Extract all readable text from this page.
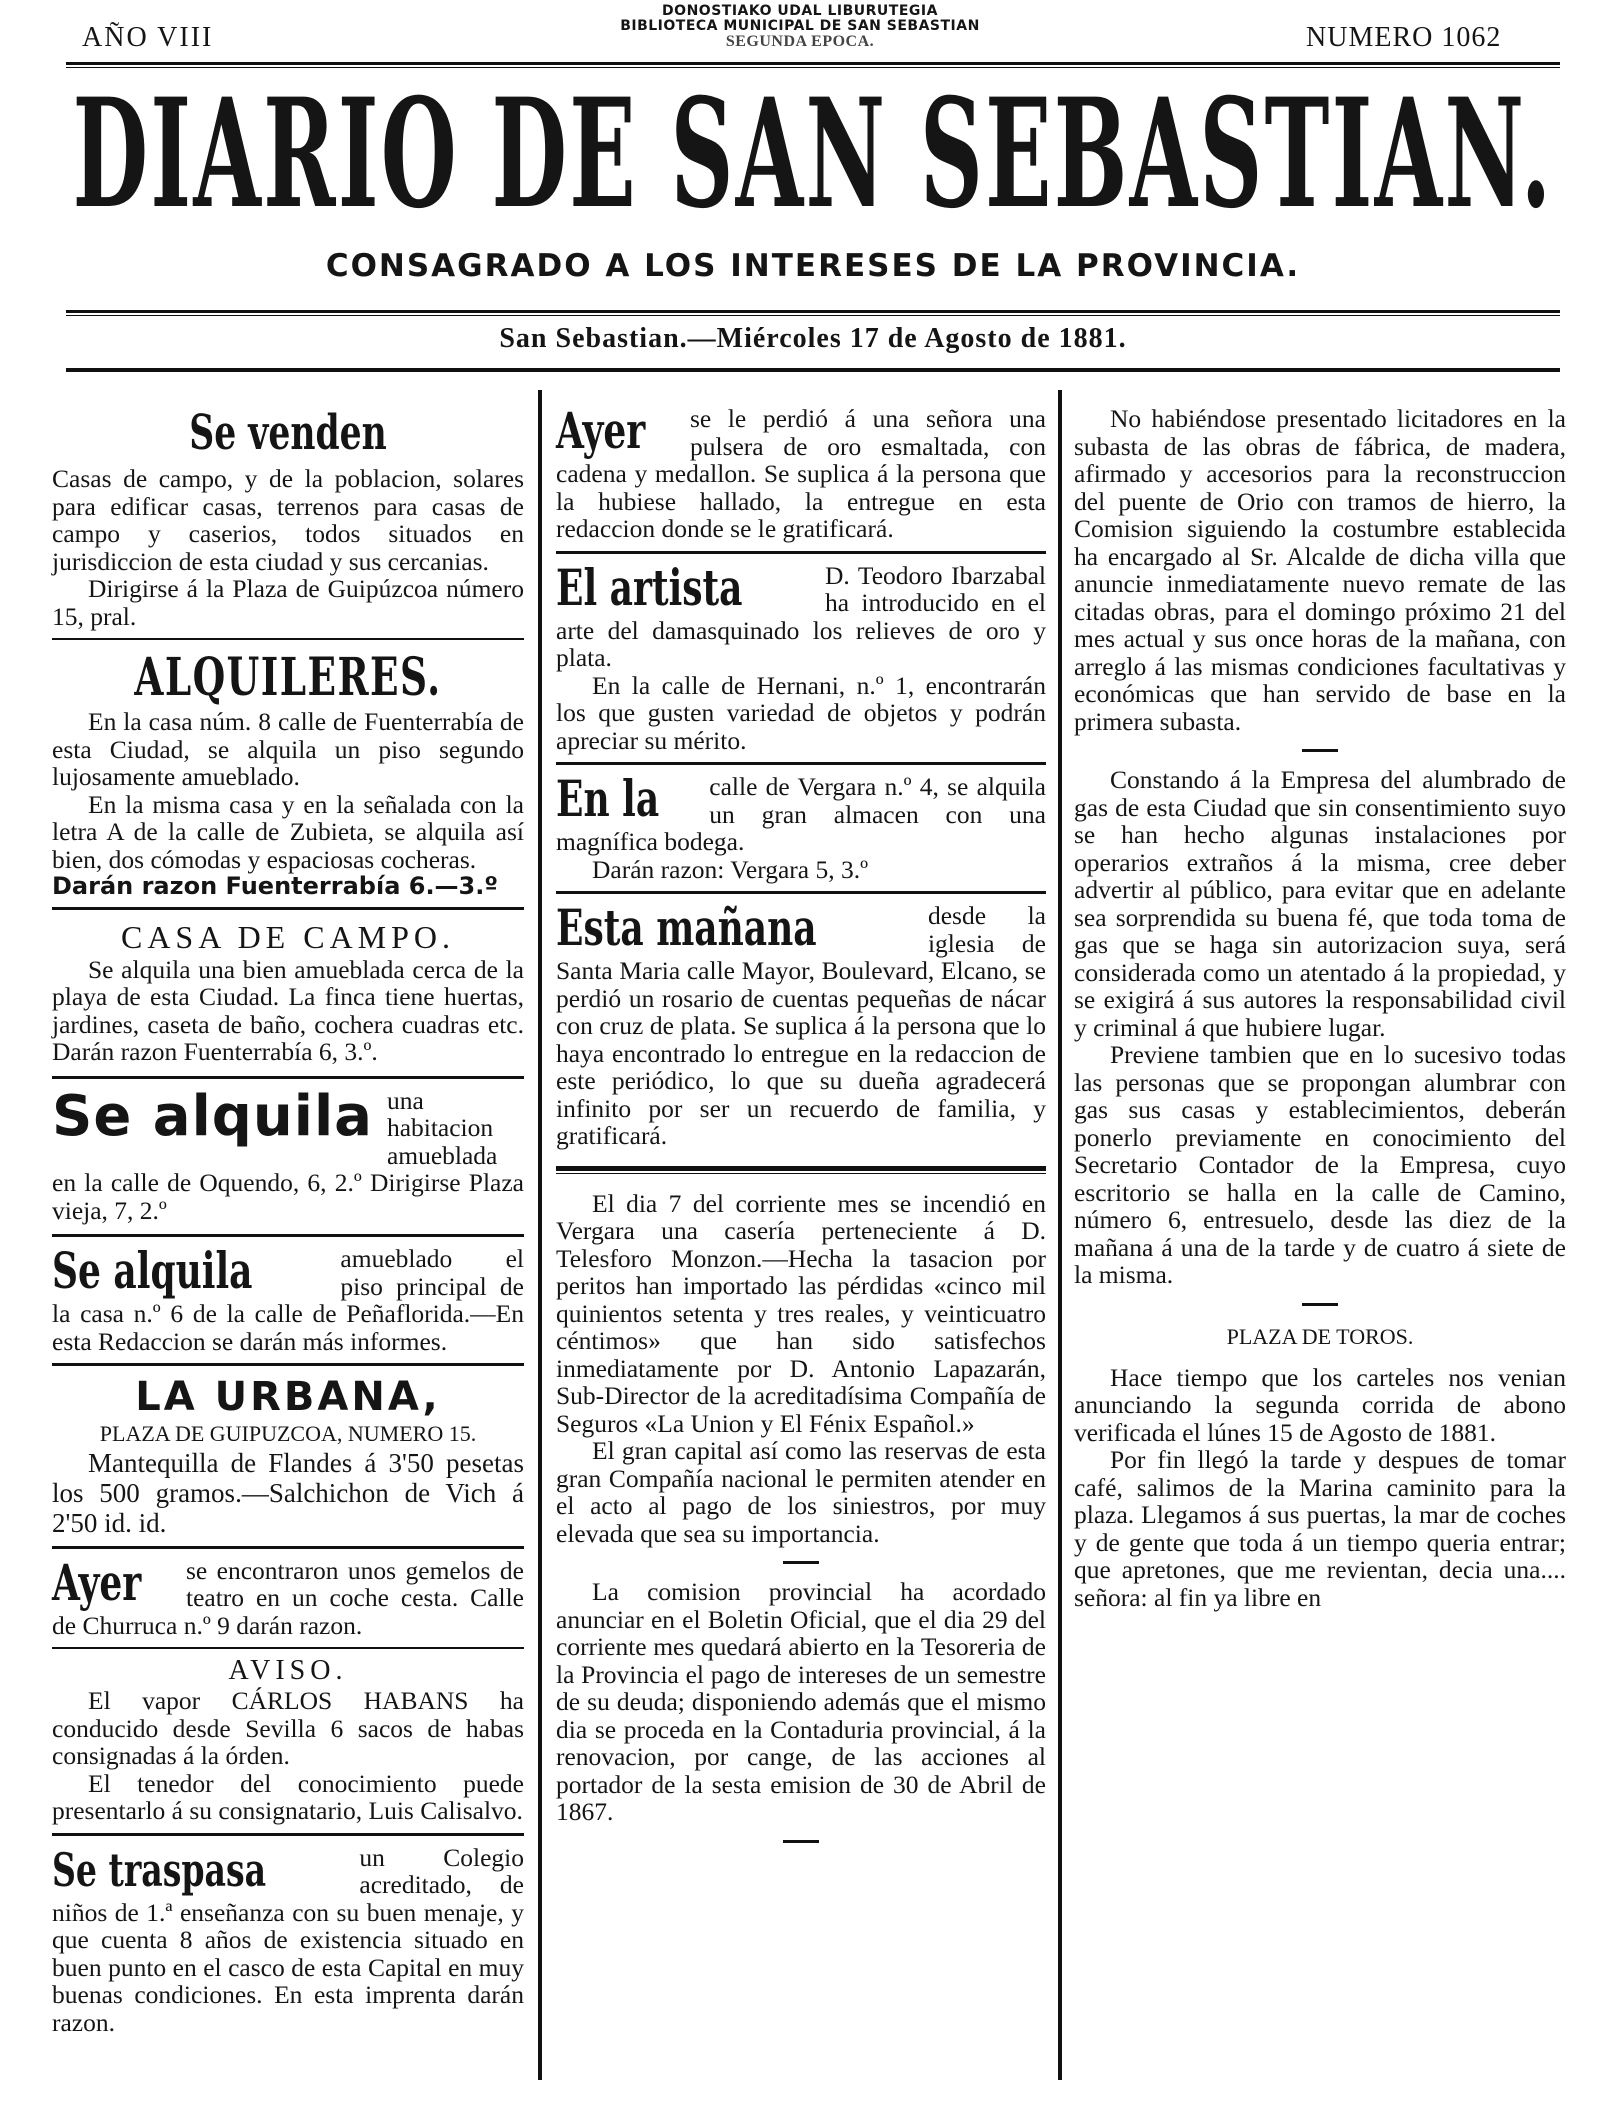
DONOSTIAKO UDAL LIBURUTEGIA
BIBLIOTECA MUNICIPAL DE SAN SEBASTIAN
SEGUNDA EPOCA.
AÑO VIII	NUMERO 1062
DIARIO DE SAN SEBASTIAN.
CONSAGRADO A LOS INTERESES DE LA PROVINCIA.
San Sebastian.—Miércoles 17 de Agosto de 1881.
Se venden

Casas de campo, y de la poblacion, solares para edificar casas, terrenos para casas de campo y caserios, todos situados en jurisdiccion de esta ciudad y sus cercanias.

Dirigirse á la Plaza de Guipúzcoa número 15, pral.

ALQUILERES.

En la casa núm. 8 calle de Fuenterrabía de esta Ciudad, se alquila un piso segundo lujosamente amueblado.

En la misma casa y en la señalada con la letra A de la calle de Zubieta, se alquila así bien, dos cómodas y espaciosas cocheras.

Darán razon Fuenterrabía 6.—3.º

CASA DE CAMPO.

Se alquila una bien amueblada cerca de la playa de esta Ciudad. La finca tiene huertas, jardines, caseta de baño, cochera cuadras etc. Darán razon Fuenterrabía 6, 3.º.

Se alquila una habitacion amueblada en la calle de Oquendo, 6, 2.º Dirigirse Plaza vieja, 7, 2.º

Se alquila	amueblado el piso principal de la casa n.º 6 de la calle de Peñaflorida.—En esta Redaccion se darán más informes.

LA URBANA,

PLAZA DE GUIPUZCOA, NUMERO 15.

Mantequilla de Flandes á 3'50 pesetas los 500 gramos.—Salchichon de Vich á 2'50 id. id.

Ayer se encontraron unos gemelos de teatro en un coche cesta. Calle de Churruca n.º 9 darán razon.

AVISO.

El vapor CÁRLOS HABANS ha conducido desde Sevilla 6 sacos de habas consignadas á la órden.

El tenedor del conocimiento puede presentarlo á su consignatario, Luis Calisalvo.

Se traspasa	un Colegio acreditado, de niños de 1.ª enseñanza con su buen menaje, y que cuenta 8 años de existencia situado en buen punto en el casco de esta Capital en muy buenas condiciones. En esta imprenta darán razon.

Ayer se le perdió á una señora una pulsera de oro esmaltada, con cadena y medallon. Se suplica á la persona que la hubiese hallado, la entregue en esta redaccion donde se le gratificará.

El artista	D. Teodoro Ibarzabal ha introducido en el arte del damasquinado los relieves de oro y plata.

En la calle de Hernani, n.º 1, encontrarán los que gusten variedad de objetos y podrán apreciar su mérito.

En la calle de Vergara n.º 4, se alquila un gran almacen con una magnífica bodega.

Darán razon: Vergara 5, 3.º

Esta mañana	desde la iglesia de Santa Maria calle Mayor, Boulevard, Elcano, se perdió un rosario de cuentas pequeñas de nácar con cruz de plata. Se suplica á la persona que lo haya encontrado lo entregue en la redaccion de este periódico, lo que su dueña agradecerá infinito por ser un recuerdo de familia, y gratificará.

El dia 7 del corriente mes se incendió en Vergara una casería perteneciente á D. Telesforo Monzon.—Hecha la tasacion por peritos han importado las pérdidas «cinco mil quinientos setenta y tres reales, y veinticuatro céntimos» que han sido satisfechos inmediatamente por D. Antonio Lapazarán, Sub-Director de la acreditadísima Compañía de Seguros «La Union y El Fénix Español.»

El gran capital así como las reservas de esta gran Compañía nacional le permiten atender en el acto al pago de los siniestros, por muy elevada que sea su importancia.

La comision provincial ha acordado anunciar en el Boletin Oficial, que el dia 29 del corriente mes quedará abierto en la Tesoreria de la Provincia el pago de intereses de un semestre de su deuda; disponiendo además que el mismo dia se proceda en la Contaduria provincial, á la renovacion, por cange, de las acciones al portador de la sesta emision de 30 de Abril de 1867.

No habiéndose presentado licitadores en la subasta de las obras de fábrica, de madera, afirmado y accesorios para la reconstruccion del puente de Orio con tramos de hierro, la Comision siguiendo la costumbre establecida ha encargado al Sr. Alcalde de dicha villa que anuncie inmediatamente nuevo remate de las citadas obras, para el domingo próximo 21 del mes actual y sus once horas de la mañana, con arreglo á las mismas condiciones facultativas y económicas que han servido de base en la primera subasta.

Constando á la Empresa del alumbrado de gas de esta Ciudad que sin consentimiento suyo se han hecho algunas instalaciones por operarios extraños á la misma, cree deber advertir al público, para evitar que en adelante sea sorprendida su buena fé, que toda toma de gas que se haga sin autorizacion suya, será considerada como un atentado á la propiedad, y se exigirá á sus autores la responsabilidad civil y criminal á que hubiere lugar.

Previene tambien que en lo sucesivo todas las personas que se propongan alumbrar con gas sus casas y establecimientos, deberán ponerlo previamente en conocimiento del Secretario Contador de la Empresa, cuyo escritorio se halla en la calle de Camino, número 6, entresuelo, desde las diez de la mañana á una de la tarde y de cuatro á siete de la misma.

PLAZA DE TOROS.

Hace tiempo que los carteles nos venian anunciando la segunda corrida de abono verificada el lúnes 15 de Agosto de 1881.

Por fin llegó la tarde y despues de tomar café, salimos de la Marina caminito para la plaza. Llegamos á sus puertas, la mar de coches y de gente que toda á un tiempo queria entrar; que apretones, que me revientan, decia una.... señora: al fin ya libre en
